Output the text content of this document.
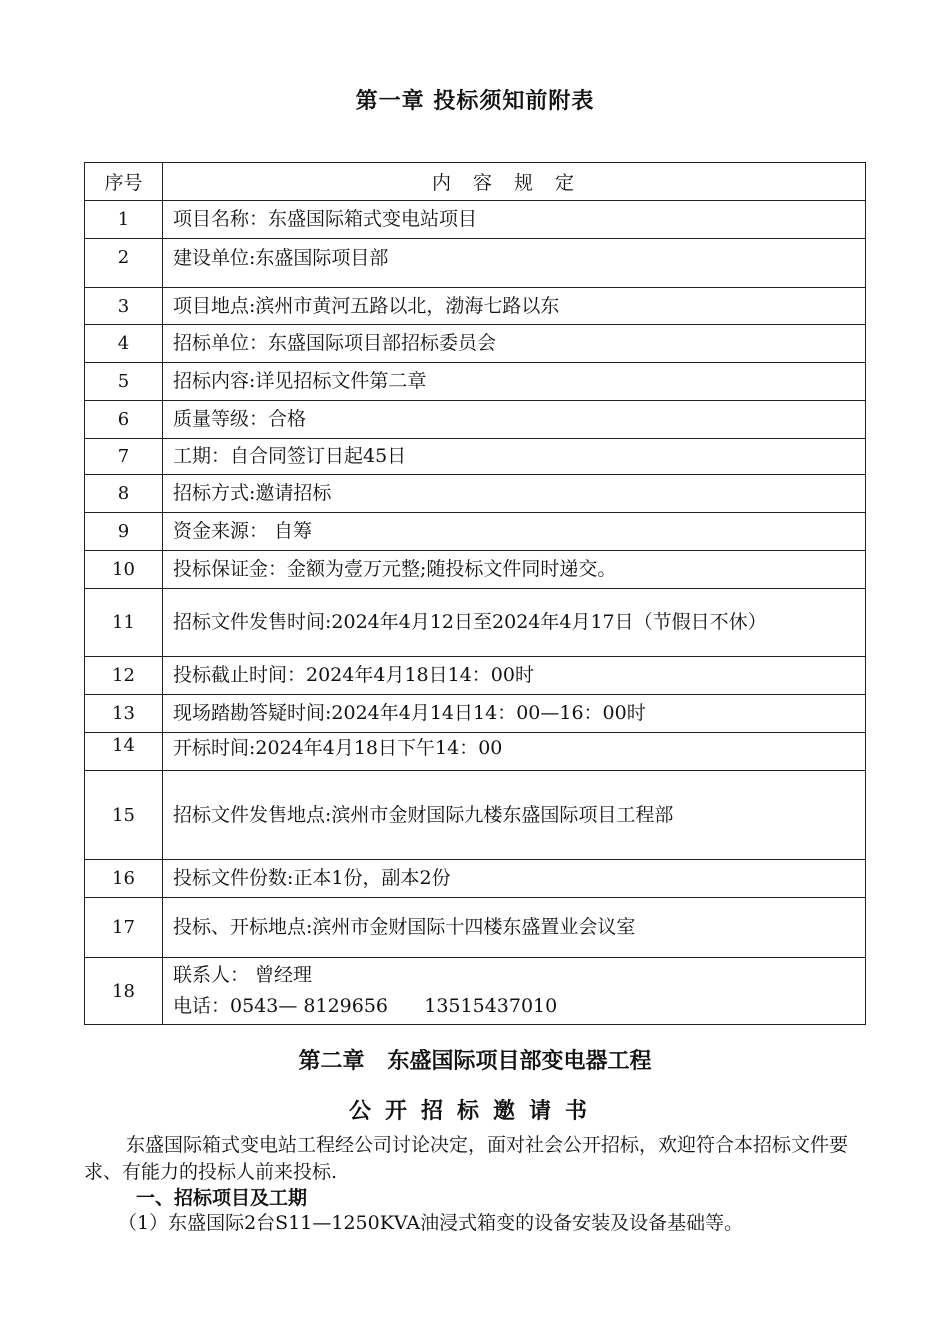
第一章 投标须知前附表
序号	内容规定
1	项目名称：东盛国际箱式变电站项目
2	建设单位:东盛国际项目部
3	项目地点:滨州市黄河五路以北，渤海七路以东
4	招标单位：东盛国际项目部招标委员会
5	招标内容:详见招标文件第二章
6	质量等级：合格
7	工期：自合同签订日起45日
8	招标方式:邀请招标
9	资金来源： 自筹
10	投标保证金：金额为壹万元整;随投标文件同时递交。
11	招标文件发售时间:2024年4月12日至2024年4月17日（节假日不休）
12	投标截止时间：2024年4月18日14：00时
13	现场踏勘答疑时间:2024年4月14日14：00—16：00时
14	开标时间:2024年4月18日下午14：00
15	招标文件发售地点:滨州市金财国际九楼东盛国际项目工程部
16	投标文件份数:正本1份，副本2份
17	投标、开标地点:滨州市金财国际十四楼东盛置业会议室
18	联系人： 曾经理
电话：0543— 8129656      13515437010
第二章   东盛国际项目部变电器工程
公开招标邀请书
东盛国际箱式变电站工程经公司讨论决定，面对社会公开招标，欢迎符合本招标文件要求、有能力的投标人前来投标.
一、招标项目及工期
（1）东盛国际2台S11—1250KVA油浸式箱变的设备安装及设备基础等。
